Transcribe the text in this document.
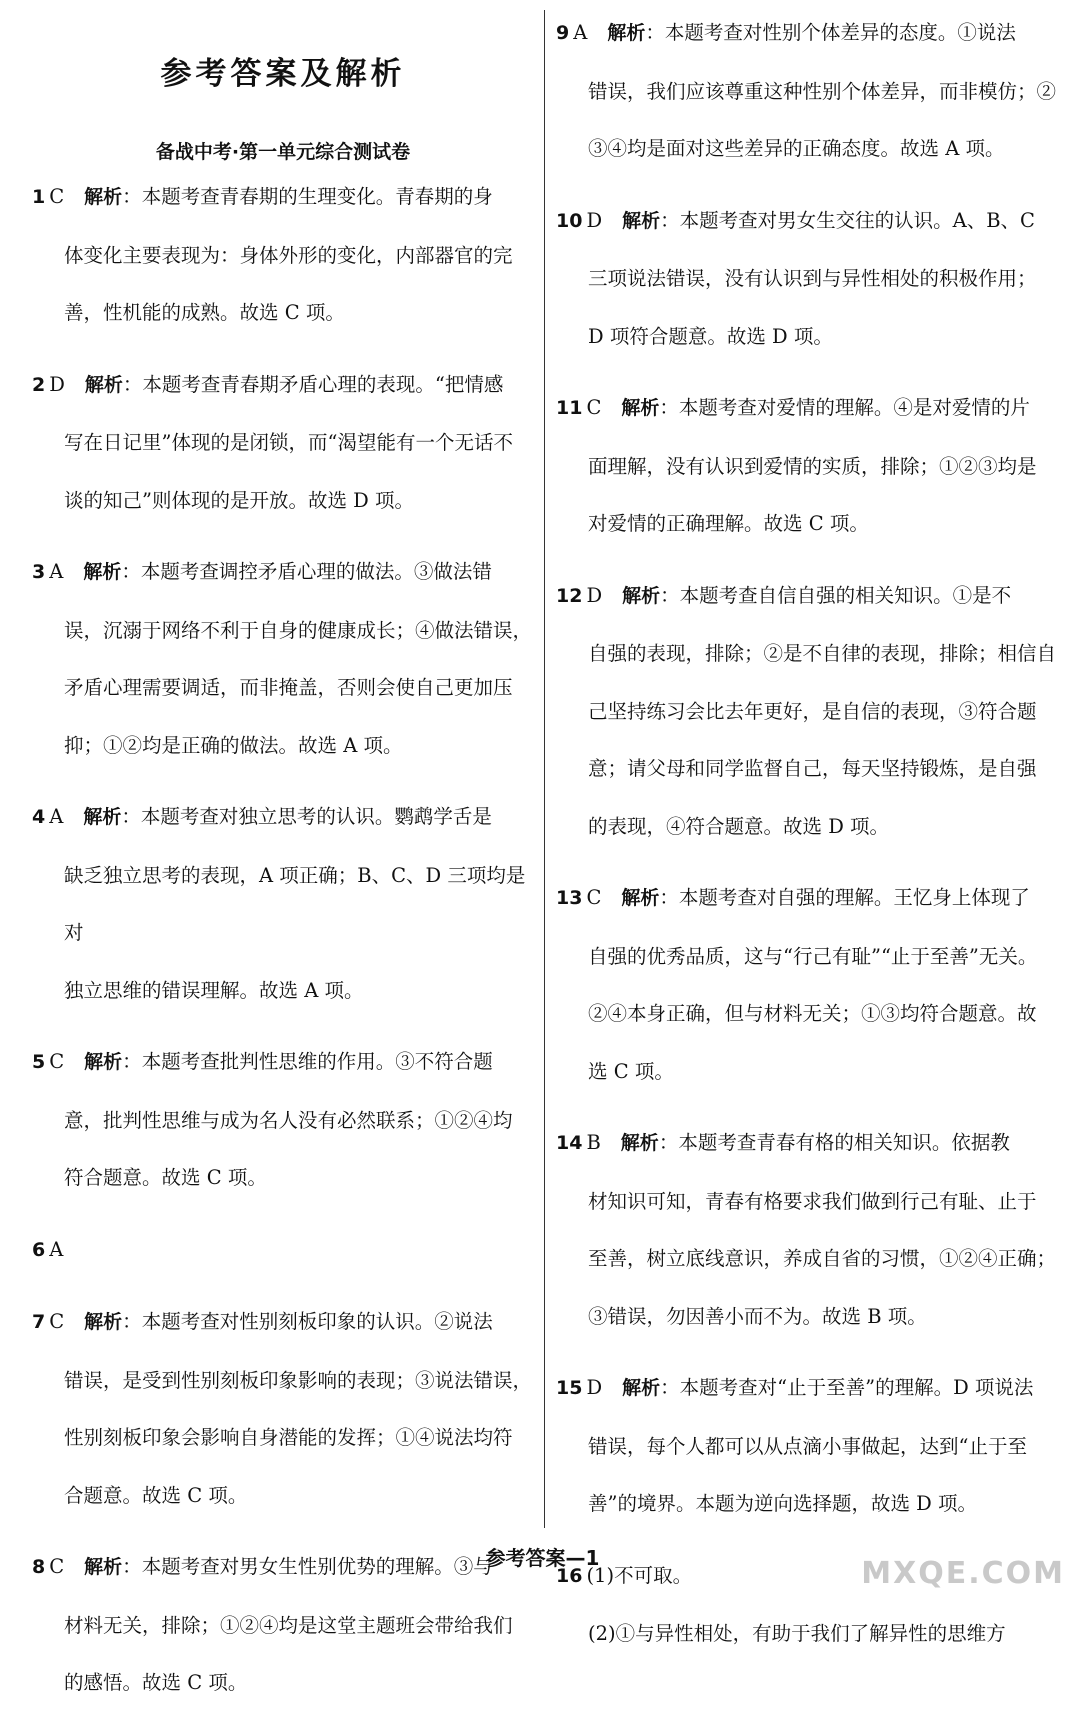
参考答案及解析
备战中考·第一单元综合测试卷
1 C 解析：本题考查青春期的生理变化。青春期的身
体变化主要表现为：身体外形的变化，内部器官的完
善，性机能的成熟。故选 C 项。
2 D 解析：本题考查青春期矛盾心理的表现。“把情感
写在日记里”体现的是闭锁，而“渴望能有一个无话不
谈的知己”则体现的是开放。故选 D 项。
3 A 解析：本题考查调控矛盾心理的做法。③做法错
误，沉溺于网络不利于自身的健康成长；④做法错误，
矛盾心理需要调适，而非掩盖，否则会使自己更加压
抑；①②均是正确的做法。故选 A 项。
4 A 解析：本题考查对独立思考的认识。鹦鹉学舌是
缺乏独立思考的表现，A 项正确；B、C、D 三项均是对
独立思维的错误理解。故选 A 项。
5 C 解析：本题考查批判性思维的作用。③不符合题
意，批判性思维与成为名人没有必然联系；①②④均
符合题意。故选 C 项。
6 A
7 C 解析：本题考查对性别刻板印象的认识。②说法
错误，是受到性别刻板印象影响的表现；③说法错误，
性别刻板印象会影响自身潜能的发挥；①④说法均符
合题意。故选 C 项。
8 C 解析：本题考查对男女生性别优势的理解。③与
材料无关，排除；①②④均是这堂主题班会带给我们
的感悟。故选 C 项。
9 A 解析：本题考查对性别个体差异的态度。①说法
错误，我们应该尊重这种性别个体差异，而非模仿；②
③④均是面对这些差异的正确态度。故选 A 项。
10 D 解析：本题考查对男女生交往的认识。A、B、C
三项说法错误，没有认识到与异性相处的积极作用；
D 项符合题意。故选 D 项。
11 C 解析：本题考查对爱情的理解。④是对爱情的片
面理解，没有认识到爱情的实质，排除；①②③均是
对爱情的正确理解。故选 C 项。
12 D 解析：本题考查自信自强的相关知识。①是不
自强的表现，排除；②是不自律的表现，排除；相信自
己坚持练习会比去年更好，是自信的表现，③符合题
意；请父母和同学监督自己，每天坚持锻炼，是自强
的表现，④符合题意。故选 D 项。
13 C 解析：本题考查对自强的理解。王忆身上体现了
自强的优秀品质，这与“行己有耻”“止于至善”无关。
②④本身正确，但与材料无关；①③均符合题意。故
选 C 项。
14 B 解析：本题考查青春有格的相关知识。依据教
材知识可知，青春有格要求我们做到行己有耻、止于
至善，树立底线意识，养成自省的习惯，①②④正确；
③错误，勿因善小而不为。故选 B 项。
15 D 解析：本题考查对“止于至善”的理解。D 项说法
错误，每个人都可以从点滴小事做起，达到“止于至
善”的境界。本题为逆向选择题，故选 D 项。
16 (1)不可取。
(2)①与异性相处，有助于我们了解异性的思维方
参考答案—1	MXQE.COM
